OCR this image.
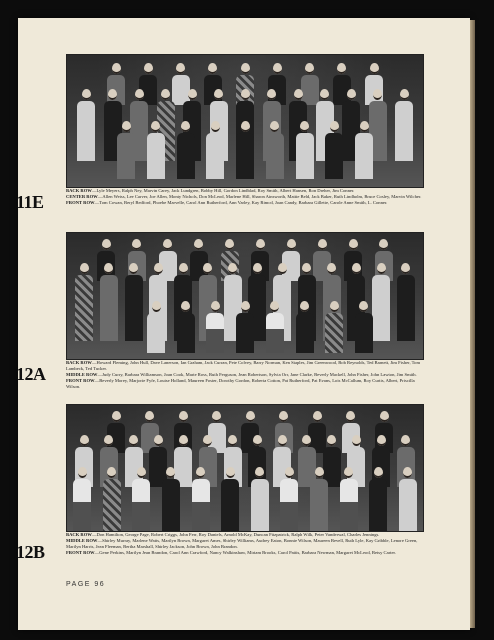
11E
BACK ROW—Lyle Meyers, Ralph Ney, Marvin Carey, Jack Lundgren, Bobby Hill, Gordon Lindblad, Roy Smith, Albert Hansen, Ron Dreher, Jim Conner.
CENTER ROW—Allen Weiss, Lee Carver, Joe Allen, Monty Nichols, Don McLeod, Marlene Hill, Sharon Ainsworth, Mattie Beld, Jack Baker, Ruth Lindholm, Bruce Cosley, Marvin Wilcher.
FRONT ROW—Tom Cowan, Beryl Bedford, Phoebe Marvelle, Carol Ann Rutherford, Ann Varley, Kay Rimcd, Joan Candy, Barbara Gillette, Carole Anne Smith, L. Conner.
12A
BACK ROW—Howard Fleming, John Hull, Dave Lanerson, Ian Graham, Jack Curran, Pete Colvey, Barry Norman, Ken Staples, Jim Greenwood, Bob Reynolds, Ted Barnett, Jim Fisher, Tom Lambeck, Ted Tucker.
MIDDLE ROW—Judy Curry, Barbara Williamson, Joan Cook, Marie Ross, Ruth Ferguson, Jean Robertson, Sylvia Orr, Jane Clarke, Beverly Mackell, John Fisher, John Lawton, Jim Smith.
FRONT ROW—Beverly Morey, Marjorie Fyfe, Louise Holland, Maureen Foster, Dorothy Gordon, Roberta Cotton, Pat Rutherford, Pat Evans, Lois McCallum, Roy Curtis, Albert, Priscilla Wilson.
12B
BACK ROW—Don Hamilton, George Page, Robert Criggs, John Ferr, Roy Daniels, Arnold McKay, Duncan Fitzpatrick, Ralph Wilk, Peter Vanderwal, Charles Jennings.
MIDDLE ROW—Shirley Murray, Marlene Watts, Marilyn Brown, Margaret Ames, Shirley Williams, Audrey Eaton, Bonnie Wilson, Maureen Bevell, Ruth Lyle, Kay Gribble, Lenore Green, Marilyn Harris, Jean Fleeman, Bertha Marshall, Shirley Jackson, John Brown, John Brandon.
FRONT ROW—Gene Perkins, Marilyn Jean Brandon, Carol Ann Crawford, Nancy Walkinshaw, Miriam Brooks, Carol Pattis, Barbara Newman, Margaret McLeod, Betsy Carter.
PAGE 96
